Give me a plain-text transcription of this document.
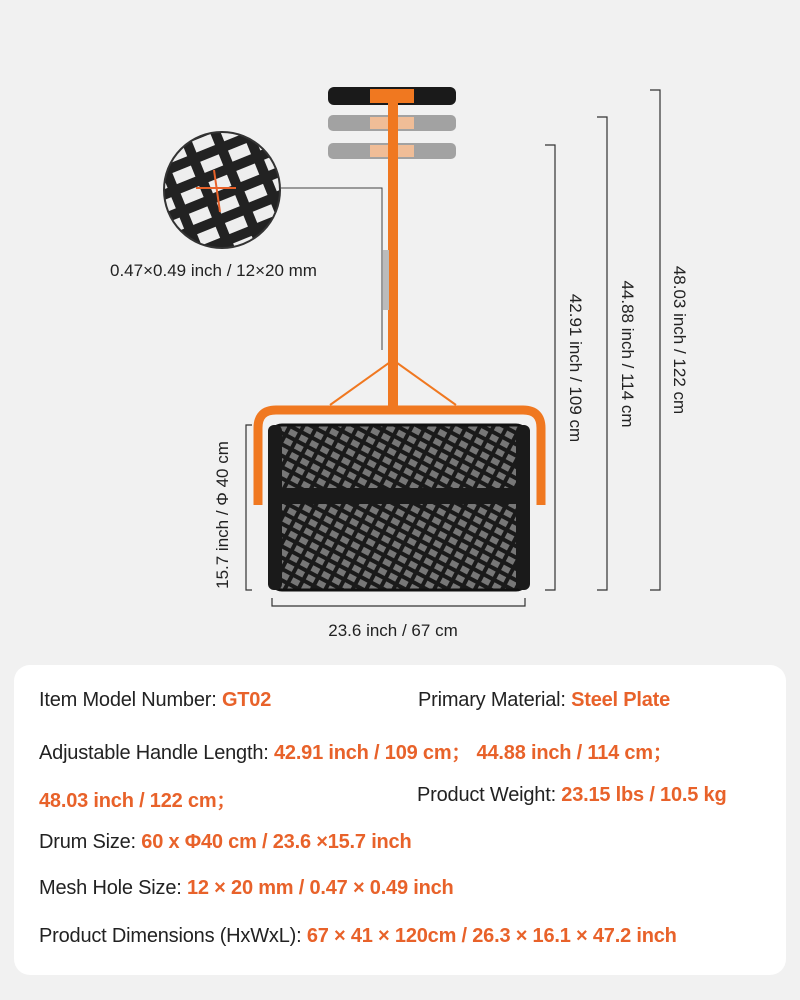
0.47×0.49 inch / 12×20 mm
15.7 inch / Φ 40 cm
23.6 inch / 67 cm
42.91 inch / 109 cm 44.88 inch / 114 cm 48.03 inch / 122 cm
Item Model Number: GT02	Primary Material: Steel Plate
Adjustable Handle Length: 42.91 inch / 109 cm； 44.88 inch / 114 cm；
48.03 inch / 122 cm；	Product Weight: 23.15 lbs / 10.5 kg
Drum Size: 60 x Φ40 cm / 23.6 ×15.7 inch
Mesh Hole Size: 12 × 20 mm / 0.47 × 0.49 inch
Product Dimensions (HxWxL): 67 × 41 × 120cm / 26.3 × 16.1 × 47.2 inch
